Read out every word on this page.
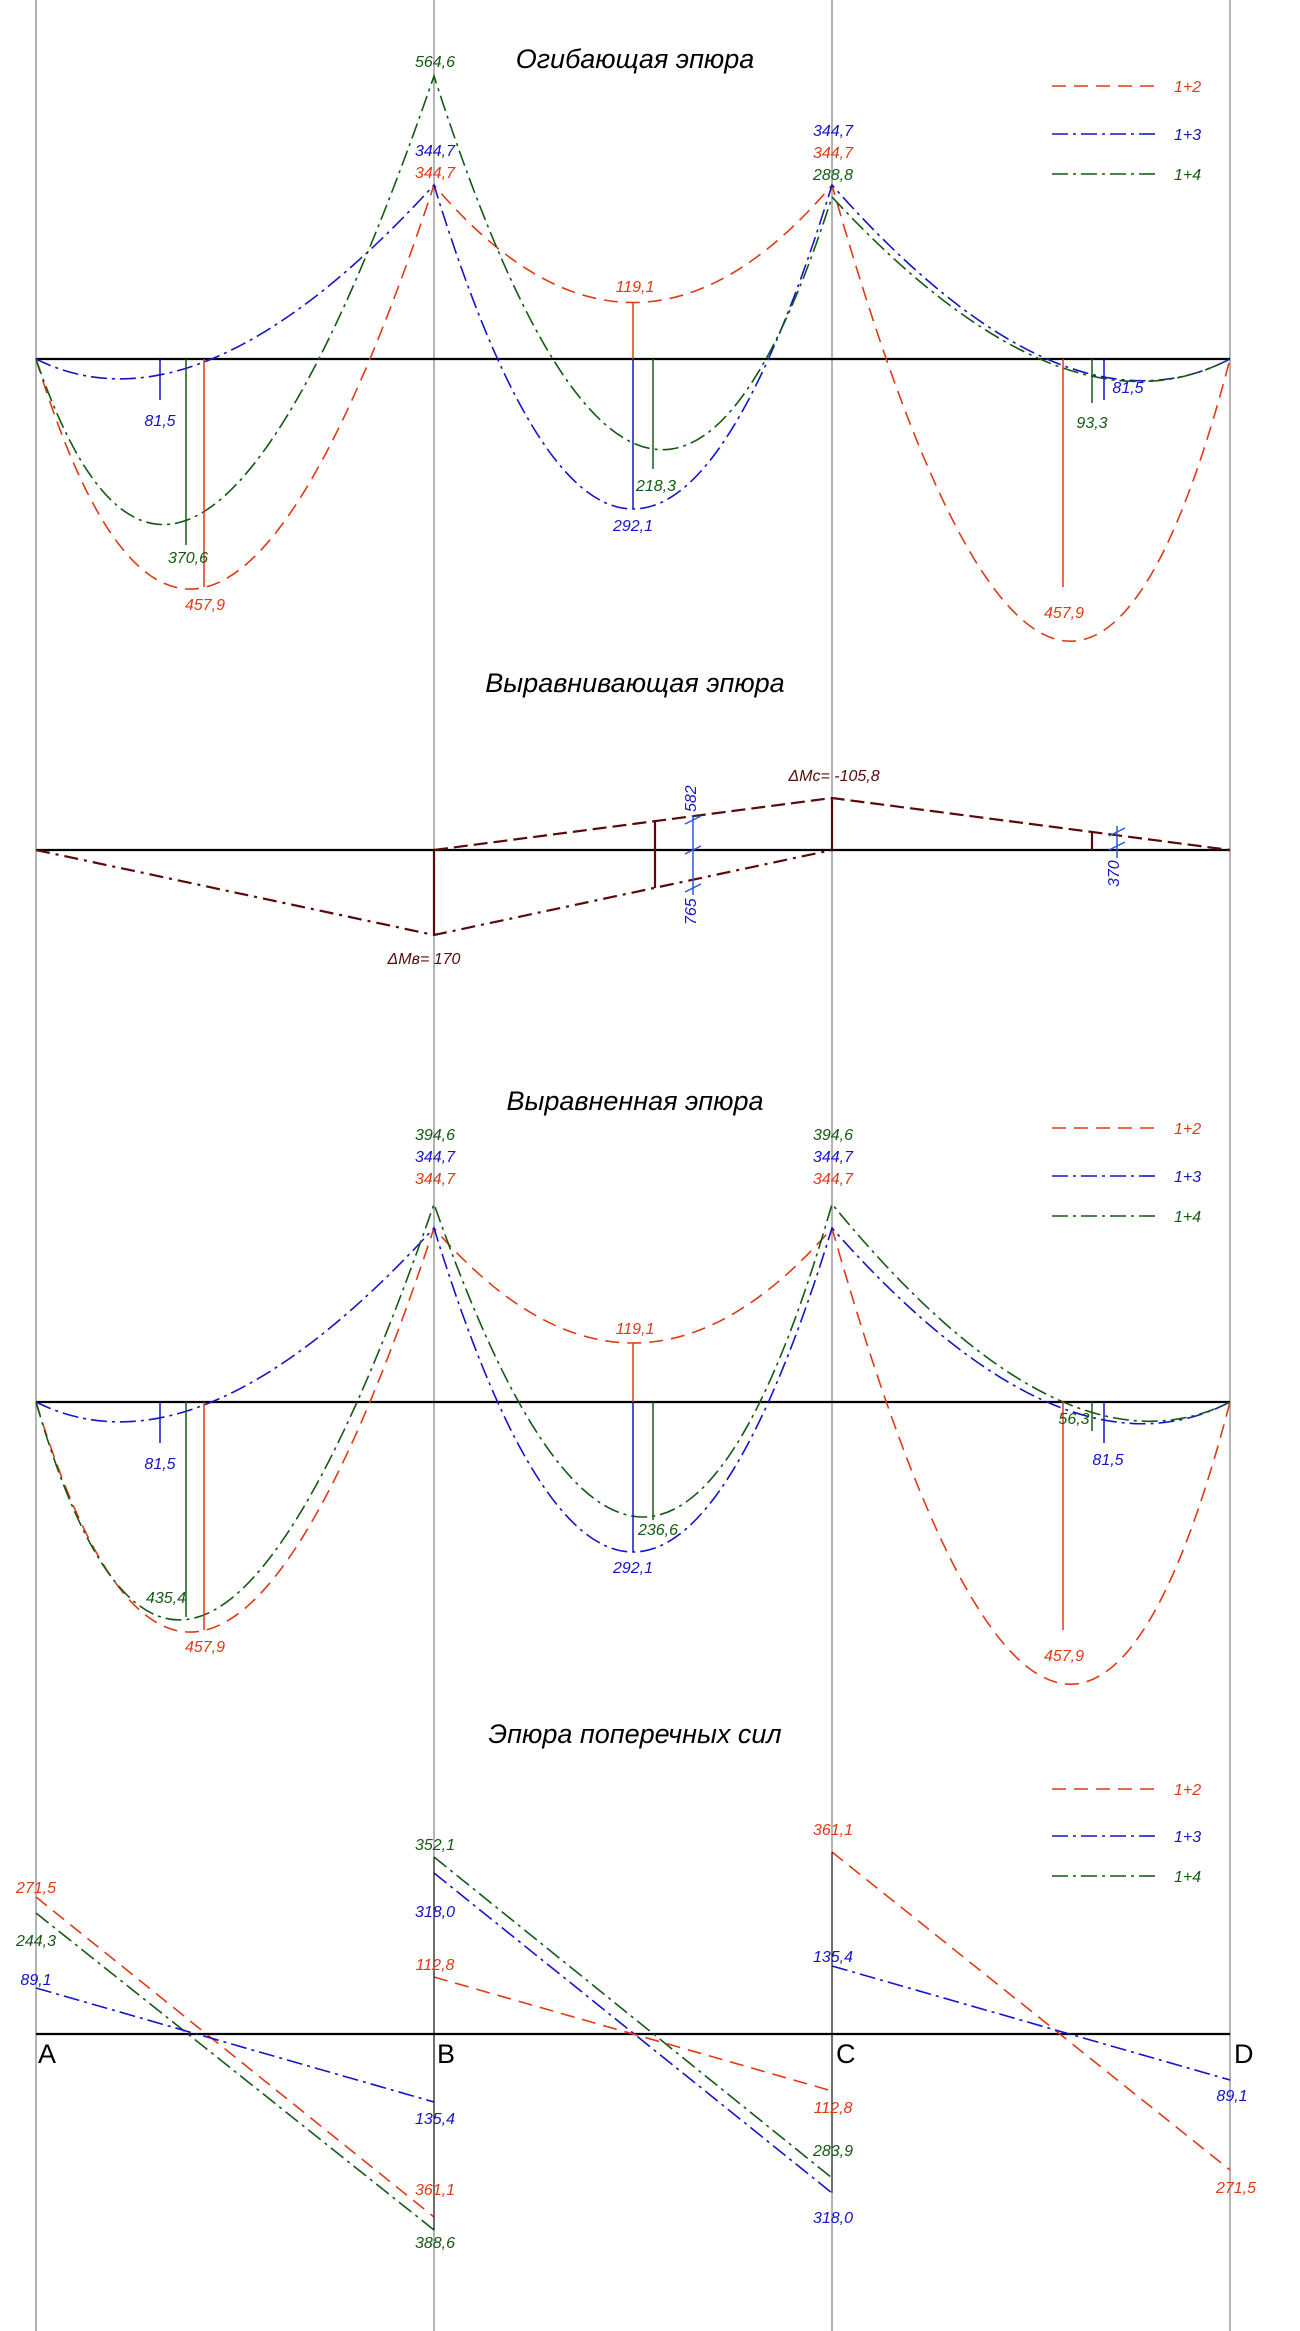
Огибающая эпюра
1+2
1+3
1+4
564,6
344,7
344,7
344,7
344,7
288,8
119,1
81,5
370,6
457,9
218,3
292,1
81,5
93,3
457,9
Выравнивающая эпюра
ΔMc= -105,8
ΔMв= 170
582
765
370
Выравненная эпюра
1+2
1+3
1+4
394,6
344,7
344,7
394,6
344,7
344,7
119,1
81,5
435,4
457,9
236,6
292,1
56,3
81,5
457,9
Эпюра поперечных сил
1+2
1+3
1+4
A	B	C	D
271,5
244,3
89,1
352,1
318,0
112,8
135,4
361,1
388,6
361,1
135,4
112,8
283,9
318,0
89,1
271,5
